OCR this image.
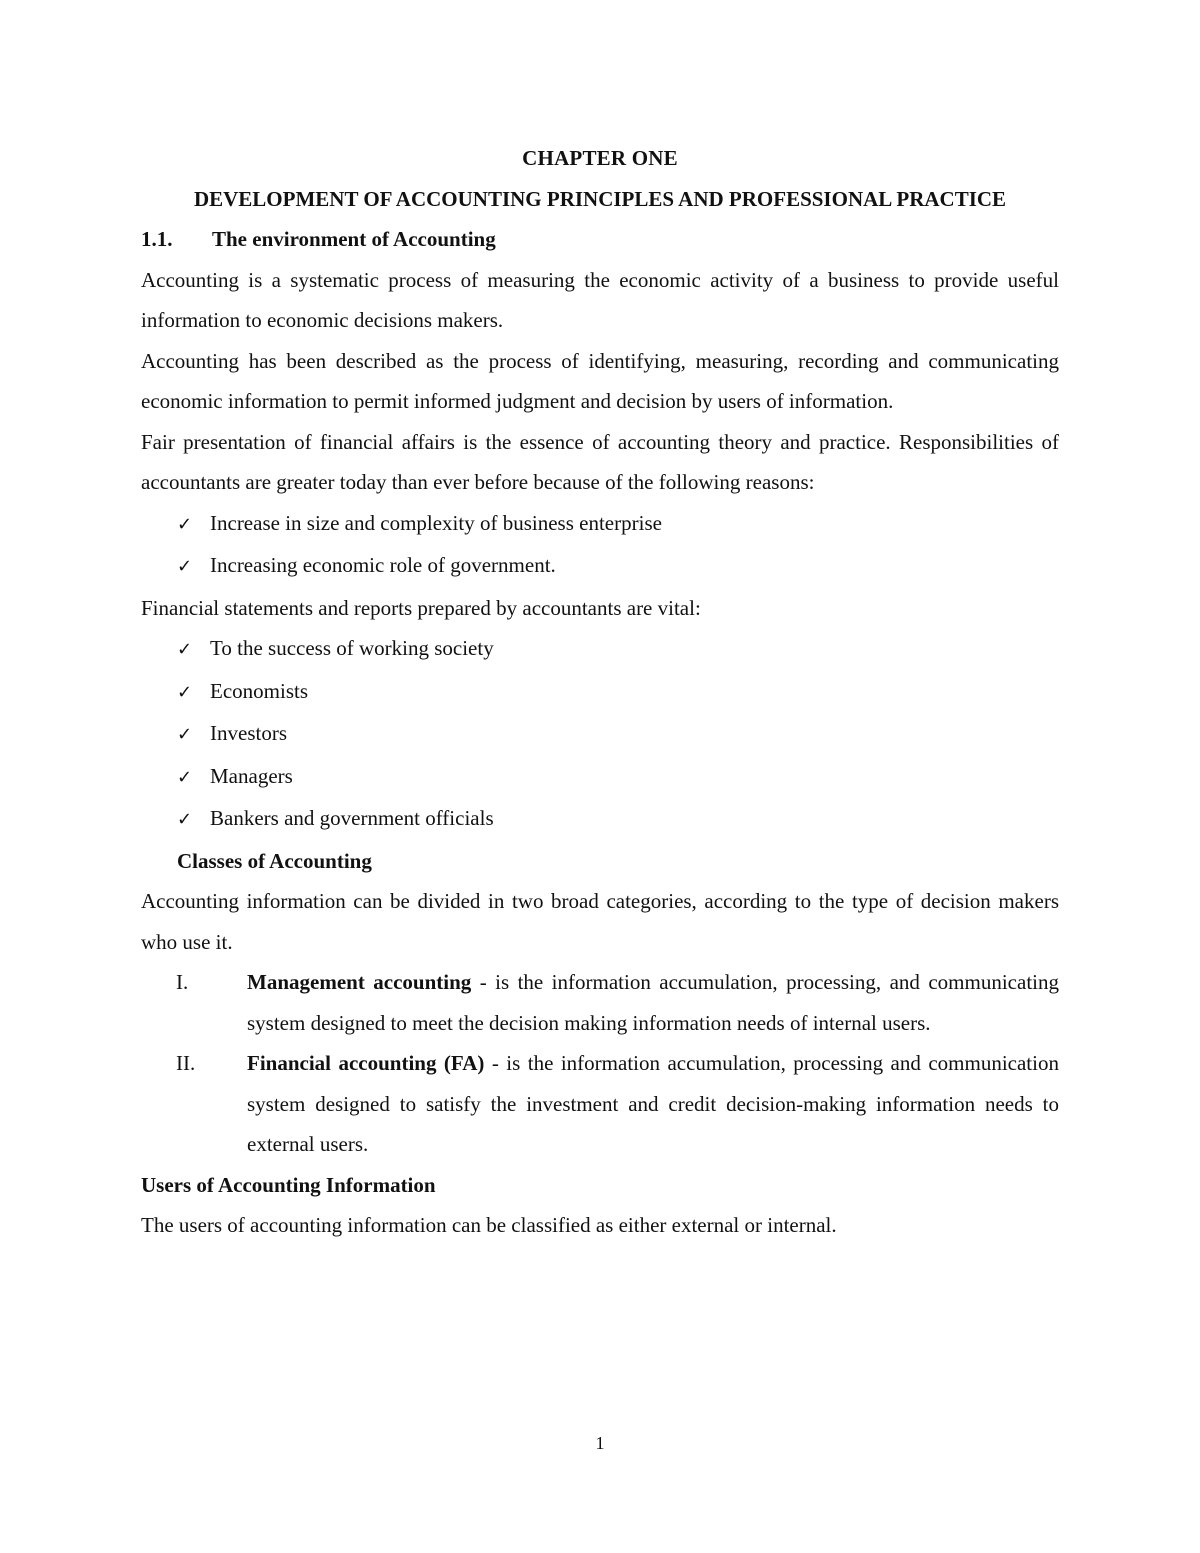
CHAPTER ONE

DEVELOPMENT OF ACCOUNTING PRINCIPLES AND PROFESSIONAL PRACTICE

1.1.	The environment of Accounting

Accounting is a systematic process of measuring the economic activity of a business to provide useful information to economic decisions makers.

Accounting has been described as the process of identifying, measuring, recording and communicating economic information to permit informed judgment and decision by users of information.

Fair presentation of financial affairs is the essence of accounting theory and practice. Responsibilities of accountants are greater today than ever before because of the following reasons:

✓ Increase in size and complexity of business enterprise
✓ Increasing economic role of government.

Financial statements and reports prepared by accountants are vital:

✓ To the success of working society
✓ Economists
✓ Investors
✓ Managers
✓ Bankers and government officials

Classes of Accounting

Accounting information can be divided in two broad categories, according to the type of decision makers who use it.

I.	Management accounting - is the information accumulation, processing, and communicating system designed to meet the decision making information needs of internal users.
II.	Financial accounting (FA) - is the information accumulation, processing and communication system designed to satisfy the investment and credit decision-making information needs to external users.

Users of Accounting Information

The users of accounting information can be classified as either external or internal.

1
